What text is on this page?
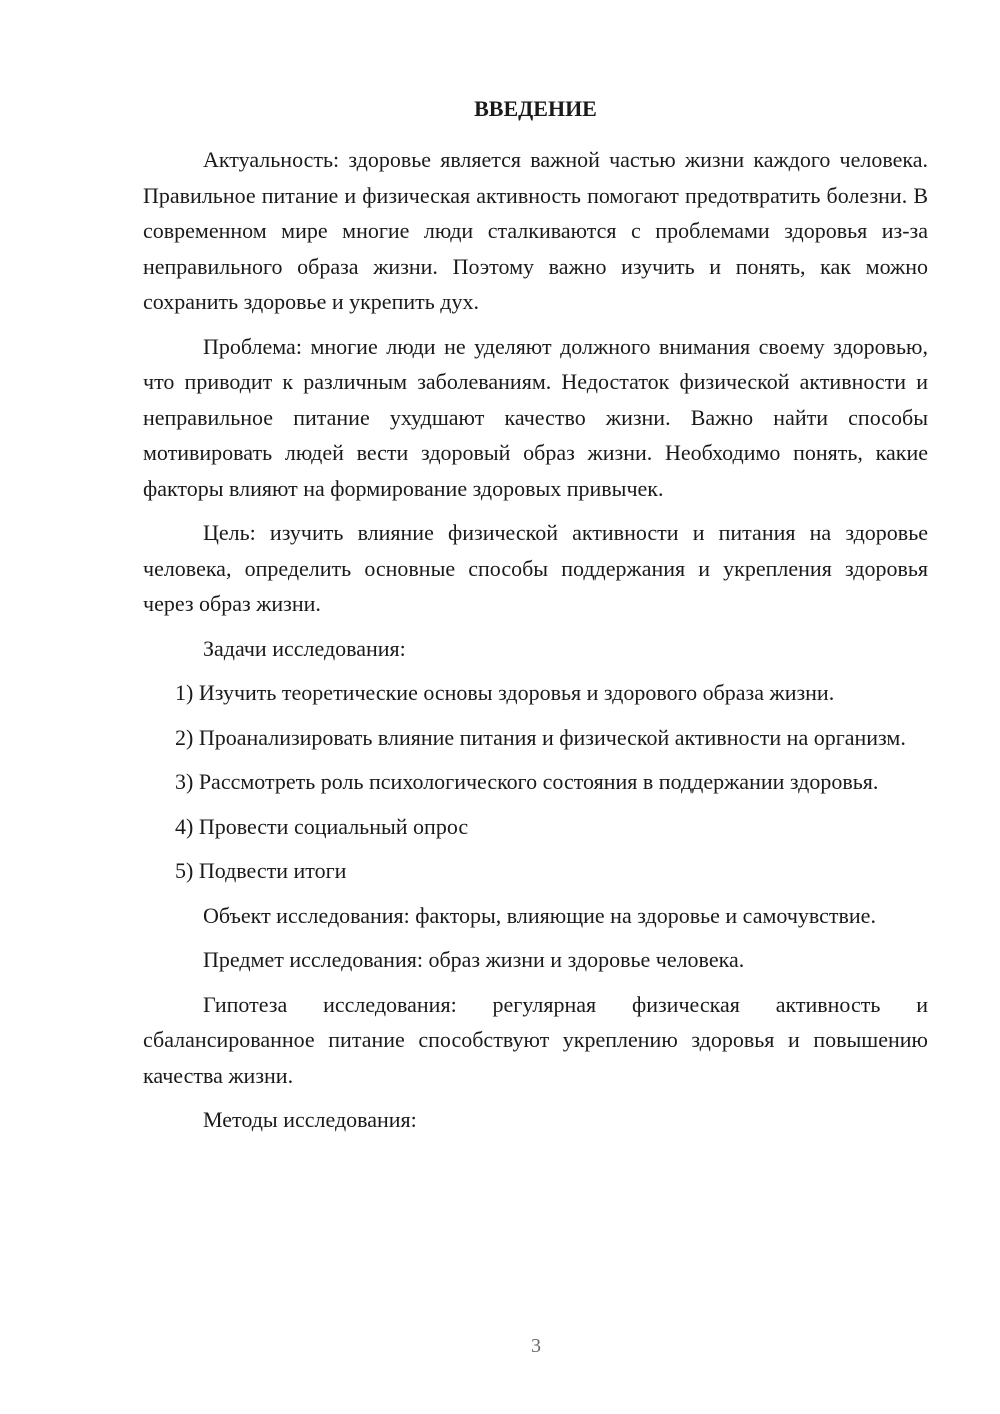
ВВЕДЕНИЕ

Актуальность: здоровье является важной частью жизни каждого человека. Правильное питание и физическая активность помогают предотвратить болезни. В современном мире многие люди сталкиваются с проблемами здоровья из-за неправильного образа жизни. Поэтому важно изучить и понять, как можно сохранить здоровье и укрепить дух.

Проблема: многие люди не уделяют должного внимания своему здоровью, что приводит к различным заболеваниям. Недостаток физической активности и неправильное питание ухудшают качество жизни. Важно найти способы мотивировать людей вести здоровый образ жизни. Необходимо понять, какие факторы влияют на формирование здоровых привычек.

Цель: изучить влияние физической активности и питания на здоровье человека, определить основные способы поддержания и укрепления здоровья через образ жизни.

Задачи исследования:

1) Изучить теоретические основы здоровья и здорового образа жизни.

2) Проанализировать влияние питания и физической активности на организм.

3) Рассмотреть роль психологического состояния в поддержании здоровья.

4) Провести социальный опрос

5) Подвести итоги

Объект исследования: факторы, влияющие на здоровье и самочувствие.

Предмет исследования: образ жизни и здоровье человека.

Гипотеза исследования: регулярная физическая активность и сбалансированное питание способствуют укреплению здоровья и повышению качества жизни.

Методы исследования:

3
